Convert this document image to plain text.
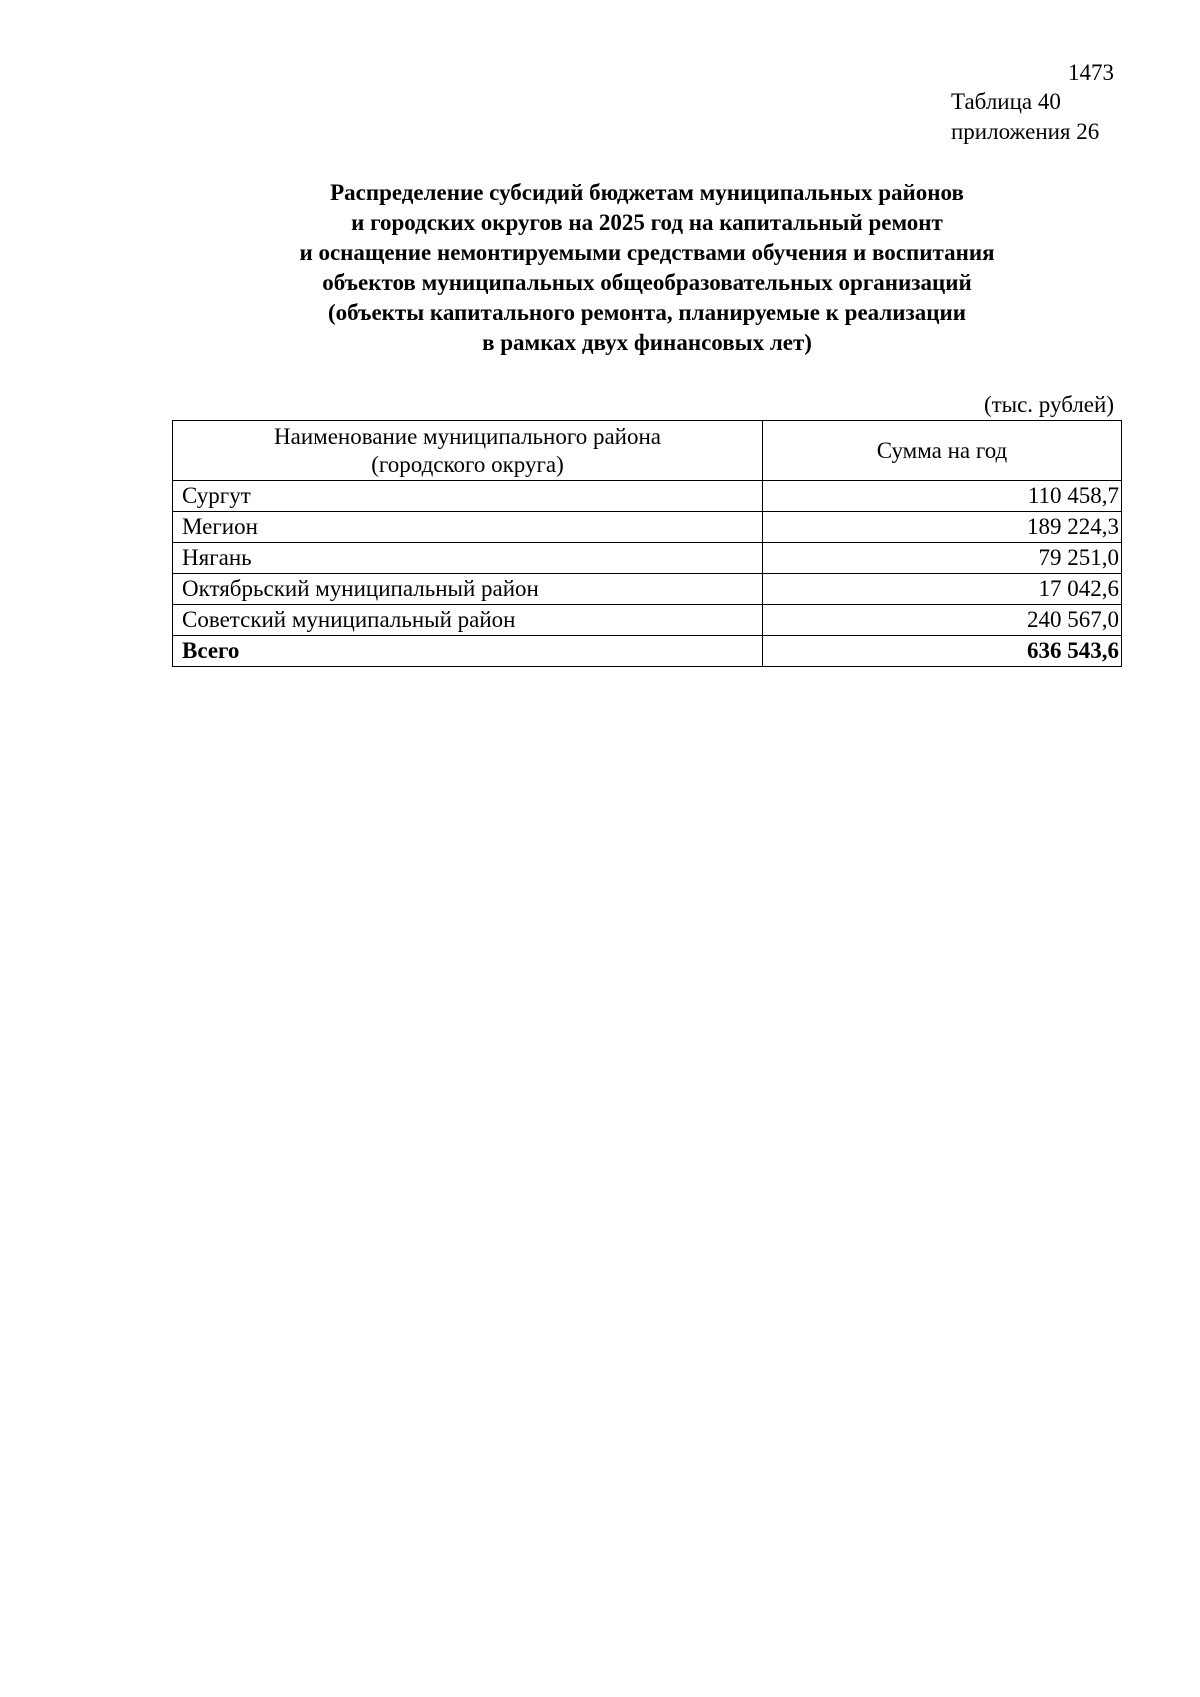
1473
Таблица 40
приложения 26
Распределение субсидий бюджетам муниципальных районов
и городских округов на 2025 год на капитальный ремонт
и оснащение немонтируемыми средствами обучения и воспитания
объектов муниципальных общеобразовательных организаций
(объекты капитального ремонта, планируемые к реализации
в рамках двух финансовых лет)
(тыс. рублей)
Наименование муниципального района
(городского округа)	Сумма на год
Сургут	110 458,7
Мегион	189 224,3
Нягань	79 251,0
Октябрьский муниципальный район	17 042,6
Советский муниципальный район	240 567,0
Всего	636 543,6
